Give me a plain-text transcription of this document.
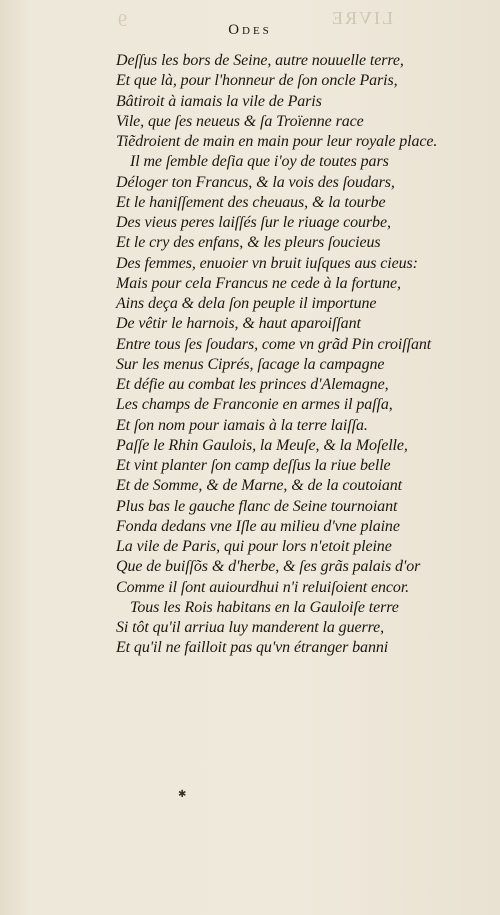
9	LIVRE
Odes
Deſſus les bors de Seine, autre nouuelle terre,
Et que là, pour l'honneur de ſon oncle Paris,
Bâtiroit à iamais la vile de Paris
Vile, que ſes neueus & ſa Troïenne race
Tiẽdroient de main en main pour leur royale place.
Il me ſemble deſia que i'oy de toutes pars
Déloger ton Francus, & la vois des ſoudars,
Et le haniſſement des cheuaus, & la tourbe
Des vieus peres laiſſés ſur le riuage courbe,
Et le cry des enfans, & les pleurs ſoucieus
Des femmes, enuoier vn bruit iuſques aus cieus:
Mais pour cela Francus ne cede à la fortune,
Ains deça & dela ſon peuple il importune
De vêtir le harnois, & haut aparoiſſant
Entre tous ſes ſoudars, come vn grãd Pin croiſſant
Sur les menus Ciprés, ſacage la campagne
Et défie au combat les princes d'Alemagne,
Les champs de Franconie en armes il paſſa,
Et ſon nom pour iamais à la terre laiſſa.
Paſſe le Rhin Gaulois, la Meuſe, & la Moſelle,
Et vint planter ſon camp deſſus la riue belle
Et de Somme, & de Marne, & de la coutoiant
Plus bas le gauche flanc de Seine tournoiant
Fonda dedans vne Iſle au milieu d'vne plaine
La vile de Paris, qui pour lors n'etoit pleine
Que de buiſſõs & d'herbe, & ſes grãs palais d'or
Comme il ſont auiourdhui n'i reluiſoient encor.
Tous les Rois habitans en la Gauloiſe terre
Si tôt qu'il arriua luy manderent la guerre,
Et qu'il ne failloit pas qu'vn étranger banni
✱
